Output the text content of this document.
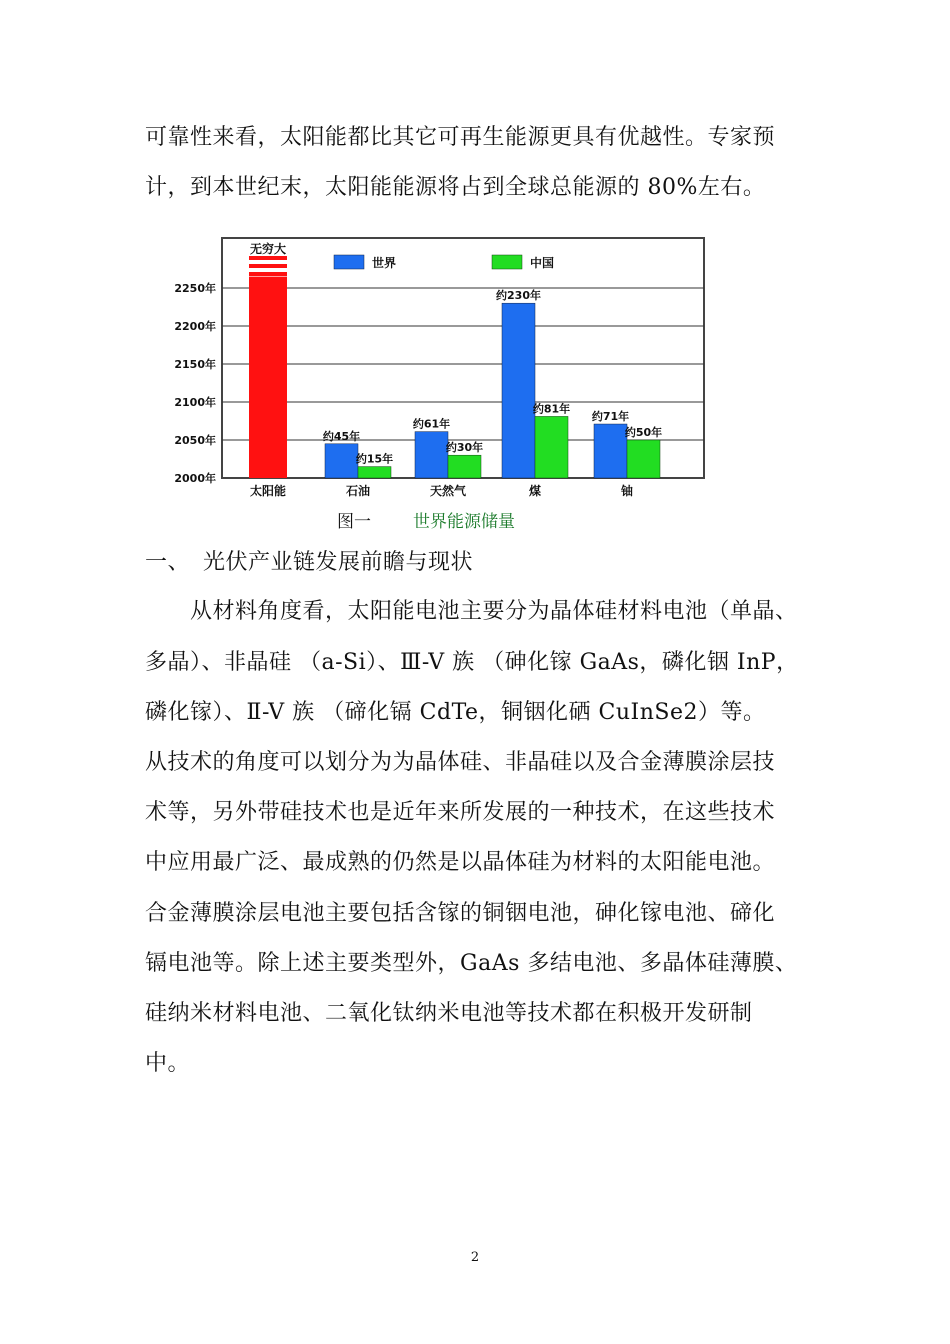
可靠性来看，太阳能都比其它可再生能源更具有优越性。专家预
计，到本世纪末，太阳能能源将占到全球总能源的 80%左右。
2000年
2050年
2100年
2150年
2200年
2250年
无穷大
约45年
约15年
约61年
约30年
约230年
约81年
约71年
约50年
太阳能	石油	天然气	煤	铀
世界	中国
图一 世界能源储量
一、 光伏产业链发展前瞻与现状
从材料角度看，太阳能电池主要分为晶体硅材料电池（单晶、
多晶）、非晶硅 （a-Si）、Ⅲ-V 族 （砷化镓 GaAs，磷化铟 InP，
磷化镓）、Ⅱ-V 族 （碲化镉 CdTe，铜铟化硒 CuInSe2）等。
从技术的角度可以划分为为晶体硅、非晶硅以及合金薄膜涂层技
术等，另外带硅技术也是近年来所发展的一种技术，在这些技术
中应用最广泛、最成熟的仍然是以晶体硅为材料的太阳能电池。
合金薄膜涂层电池主要包括含镓的铜铟电池，砷化镓电池、碲化
镉电池等。除上述主要类型外，GaAs 多结电池、多晶体硅薄膜、
硅纳米材料电池、二氧化钛纳米电池等技术都在积极开发研制
中。
2
